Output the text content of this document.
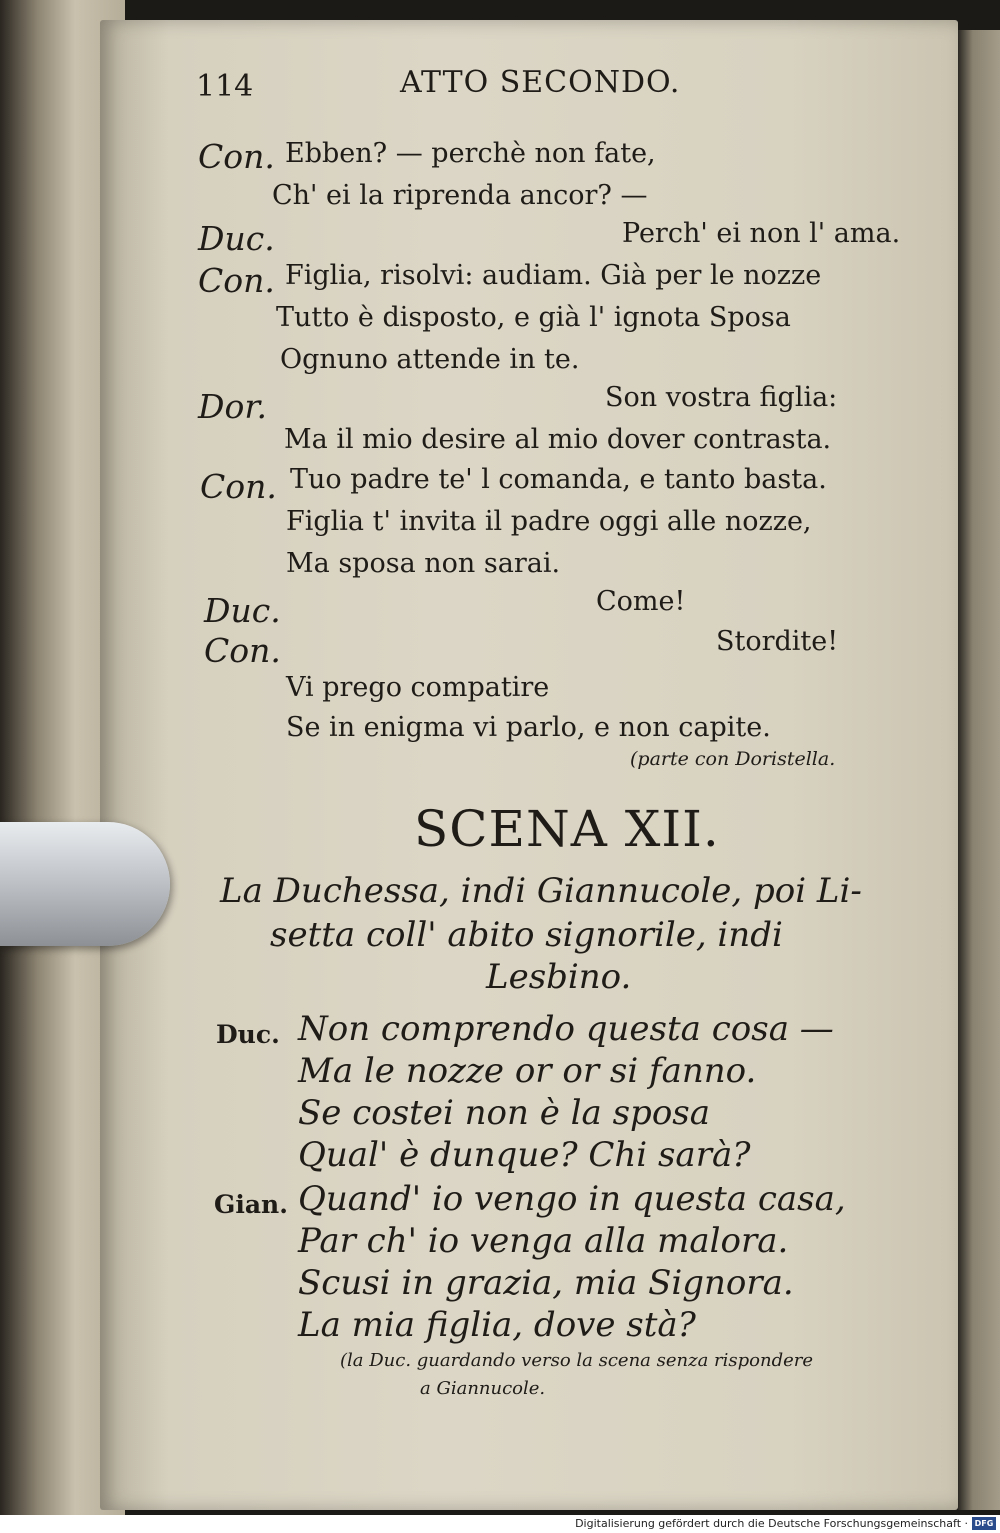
114	ATTO SECONDO.
Con. Ebben? — perchè non fate,
Ch' ei la riprenda ancor? —
Duc.	Perch' ei non l' ama.
Con. Figlia, risolvi: audiam. Già per le nozze
Tutto è disposto, e già l' ignota Sposa
Ognuno attende in te.
Dor.	Son vostra figlia:
Ma il mio desire al mio dover contrasta.
Con. Tuo padre te' l comanda, e tanto basta.
Figlia t' invita il padre oggi alle nozze,
Ma sposa non sarai.
Duc.	Come!
Con.	Stordite!
Vi prego compatire
Se in enigma vi parlo, e non capite.
(parte con Doristella.
SCENA XII.
La Duchessa, indi Giannucole, poi Li-
setta coll' abito signorile, indi
Lesbino.
Duc. Non comprendo questa cosa —
Ma le nozze or or si fanno.
Se costei non è la sposa
Qual' è dunque? Chi sarà?
Gian. Quand' io vengo in questa casa,
Par ch' io venga alla malora.
Scusi in grazia, mia Signora.
La mia figlia, dove stà?
(la Duc. guardando verso la scena senza rispondere
a Giannucole.
Digitalisierung gefördert durch die Deutsche Forschungsgemeinschaft · DFG
